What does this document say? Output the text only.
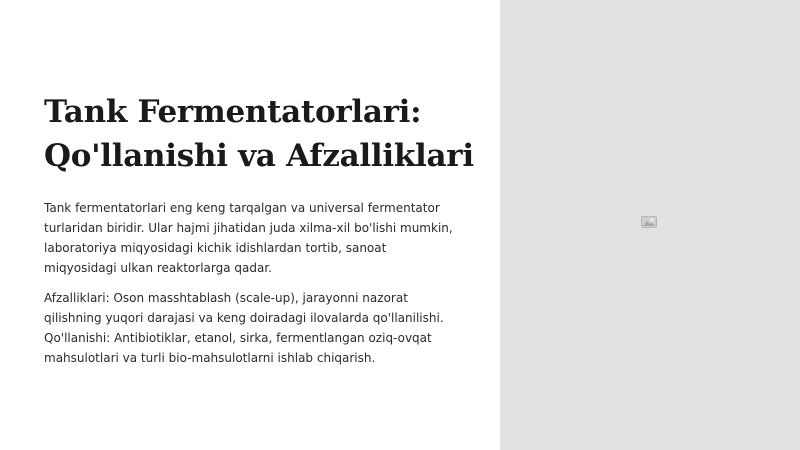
Tank Fermentatorlari:
Qo'llanishi va Afzalliklari

Tank fermentatorlari eng keng tarqalgan va universal fermentator
turlaridan biridir. Ular hajmi jihatidan juda xilma-xil bo'lishi mumkin,
laboratoriya miqyosidagi kichik idishlardan tortib, sanoat
miqyosidagi ulkan reaktorlarga qadar.

Afzalliklari: Oson masshtablash (scale-up), jarayonni nazorat
qilishning yuqori darajasi va keng doiradagi ilovalarda qo'llanilishi.
Qo'llanishi: Antibiotiklar, etanol, sirka, fermentlangan oziq-ovqat
mahsulotlari va turli bio-mahsulotlarni ishlab chiqarish.
